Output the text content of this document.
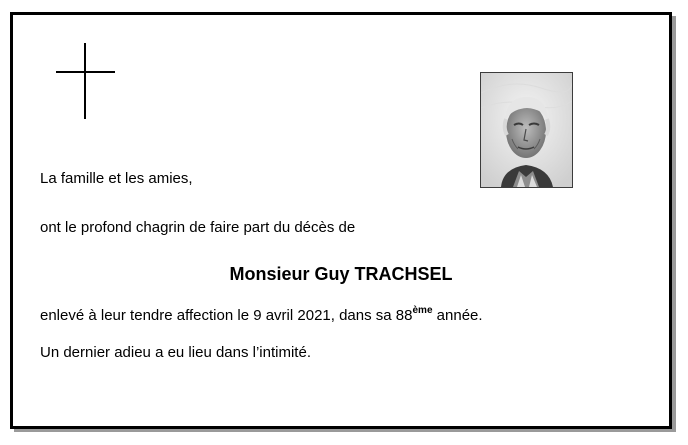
La famille et les amies,
ont le profond chagrin de faire part du décès de
Monsieur Guy TRACHSEL
enlevé à leur tendre affection le 9 avril 2021, dans sa 88ème année.
Un dernier adieu a eu lieu dans l’intimité.
